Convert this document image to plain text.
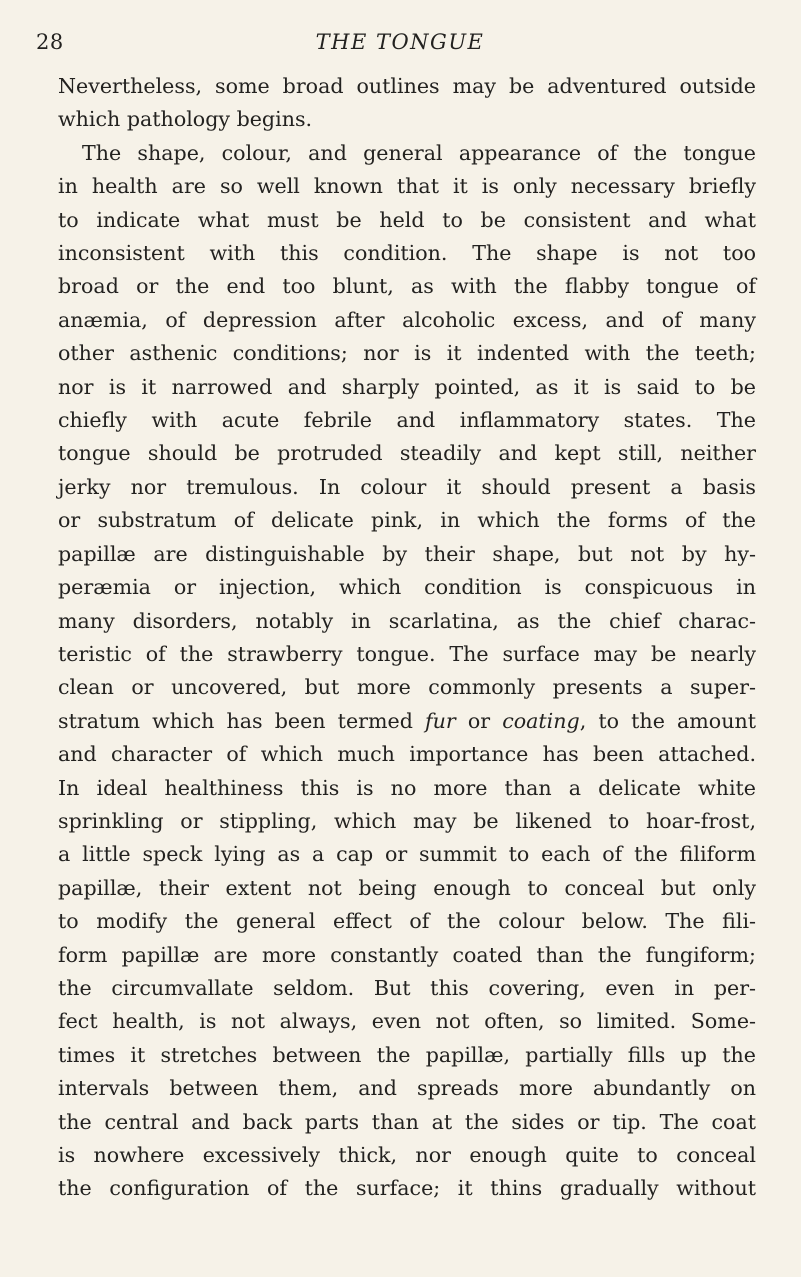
28	THE TONGUE
Nevertheless, some broad outlines may be adventured outside
which pathology begins.
The shape, colour, and general appearance of the tongue
in health are so well known that it is only necessary briefly
to indicate what must be held to be consistent and what
inconsistent with this condition. The shape is not too
broad or the end too blunt, as with the flabby tongue of
anæmia, of depression after alcoholic excess, and of many
other asthenic conditions; nor is it indented with the teeth;
nor is it narrowed and sharply pointed, as it is said to be
chiefly with acute febrile and inflammatory states. The
tongue should be protruded steadily and kept still, neither
jerky nor tremulous. In colour it should present a basis
or substratum of delicate pink, in which the forms of the
papillæ are distinguishable by their shape, but not by hy-
peræmia or injection, which condition is conspicuous in
many disorders, notably in scarlatina, as the chief charac-
teristic of the strawberry tongue. The surface may be nearly
clean or uncovered, but more commonly presents a super-
stratum which has been termed fur or coating, to the amount
and character of which much importance has been attached.
In ideal healthiness this is no more than a delicate white
sprinkling or stippling, which may be likened to hoar-frost,
a little speck lying as a cap or summit to each of the filiform
papillæ, their extent not being enough to conceal but only
to modify the general effect of the colour below. The fili-
form papillæ are more constantly coated than the fungiform;
the circumvallate seldom. But this covering, even in per-
fect health, is not always, even not often, so limited. Some-
times it stretches between the papillæ, partially fills up the
intervals between them, and spreads more abundantly on
the central and back parts than at the sides or tip. The coat
is nowhere excessively thick, nor enough quite to conceal
the configuration of the surface; it thins gradually without
